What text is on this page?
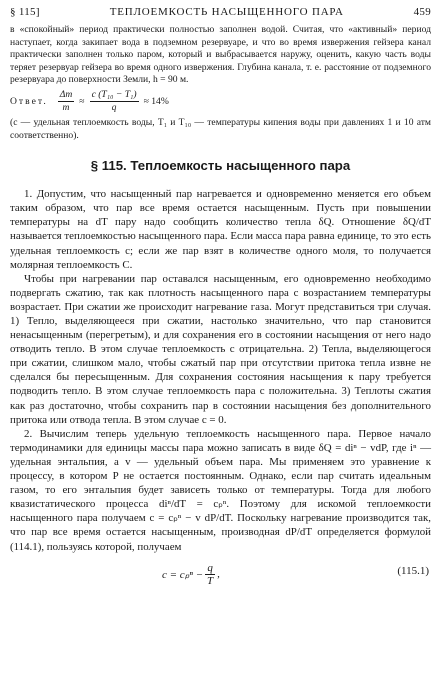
§ 115]	ТЕПЛОЕМКОСТЬ НАСЫЩЕННОГО ПАРА	459

в «спокойный» период практически полностью заполнен водой. Считая, что «активный» период наступает, когда закипает вода в подземном резервуаре, и что во время извержения гейзера канал практически заполнен только паром, который и выбрасывается наружу, оценить, какую часть воды теряет резервуар гейзера во время одного извержения. Глубина канала, т. е. расстояние от подземного резервуара до поверхности Земли, h = 90 м.

Ответ. $\frac{\Delta m}{m} \approx \frac{\text{c (T₁₀ − T₁)}}{q} \approx 14\%$

(c — удельная теплоемкость воды, T₁ и T₁₀ — температуры кипения воды при давлениях 1 и 10 атм соответственно).

§ 115. Теплоемкость насыщенного пара

1. Допустим, что насыщенный пар нагревается и одновременно меняется его объем таким образом, что пар все время остается насыщенным. Пусть при повышении температуры на dT пару надо сообщить количество тепла δQ. Отношение δQ/dT называется теплоемкостью насыщенного пара. Если масса пара равна единице, то это есть удельная теплоемкость c; если же пар взят в количестве одного моля, то получается молярная теплоемкость C.

Чтобы при нагревании пар оставался насыщенным, его одновременно необходимо подвергать сжатию, так как плотность насыщенного пара с возрастанием температуры возрастает. При сжатии же происходит нагревание газа. Могут представиться три случая. 1) Тепло, выделяющееся при сжатии, настолько значительно, что пар становится ненасыщенным (перегретым), и для сохранения его в состоянии насыщения от него надо отводить тепло. В этом случае теплоемкость c отрицательна. 2) Тепла, выделяющегося при сжатии, слишком мало, чтобы сжатый пар при отсутствии притока тепла извне не сделался бы пересыщенным. Для сохранения состояния насыщения к пару требуется подводить тепло. В этом случае теплоемкость пара c положительна. 3) Теплоты сжатия как раз достаточно, чтобы сохранить пар в состоянии насыщения без дополнительного притока или отвода тепла. В этом случае c = 0.

2. Вычислим теперь удельную теплоемкость насыщенного пара. Первое начало термодинамики для единицы массы пара можно записать в виде δQ = diⁿ − vdP, где iⁿ — удельная энтальпия, а v — удельный объем пара. Мы применяем это уравнение к процессу, в котором P не остается постоянным. Однако, если пар считать идеальным газом, то его энтальпия будет зависеть только от температуры. Тогда для любого квазистатического процесса diⁿ/dT = cₚⁿ. Поэтому для искомой теплоемкости насыщенного пара получаем c = cₚⁿ − v dP/dT. Поскольку нагревание производится так, что пар все время остается насыщенным, производная dP/dT определяется формулой (114.1), пользуясь которой, получаем

$c = c_p^n - \frac{q}{T}$ ,	(115.1)
